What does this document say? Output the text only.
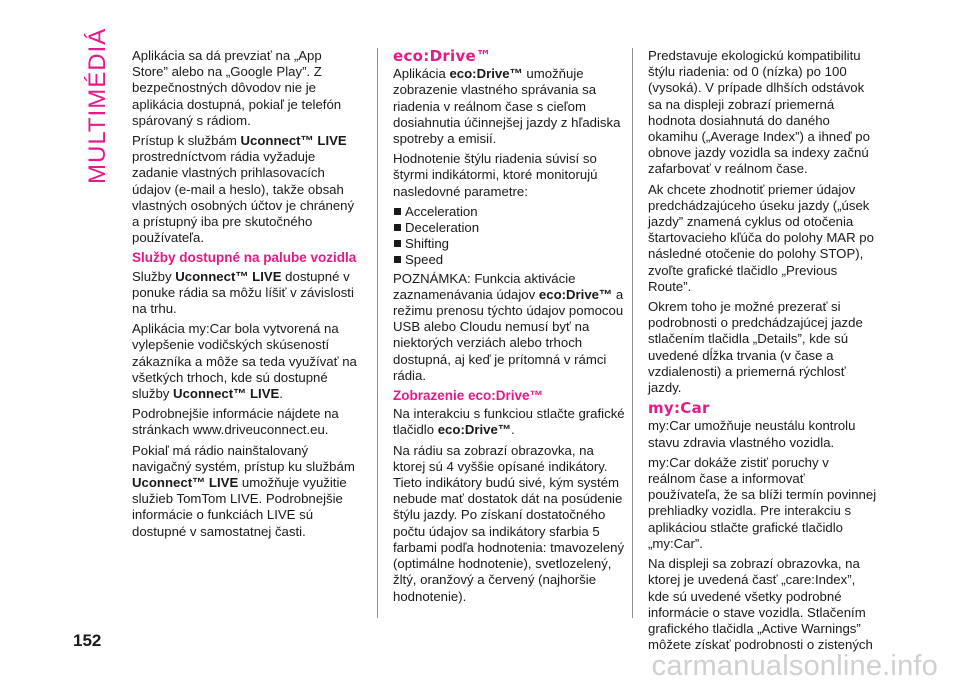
MULTIMÉDIÁ Aplikácia sa dá prevziať na „App Store” alebo na „Google Play”. Z bezpečnostných dôvodov nie je aplikácia dostupná, pokiaľ je telefón spárovaný s rádiom.

Prístup k službám Uconnect™ LIVE prostredníctvom rádia vyžaduje zadanie vlastných prihlasovacích údajov (e-mail a heslo), takže obsah vlastných osobných účtov je chránený a prístupný iba pre skutočného používateľa.

Služby dostupné na palube vozidla

Služby Uconnect™ LIVE dostupné v ponuke rádia sa môžu líšiť v závislosti na trhu.

Aplikácia my:Car bola vytvorená na vylepšenie vodičských skúseností zákazníka a môže sa teda využívať na všetkých trhoch, kde sú dostupné služby Uconnect™ LIVE.

Podrobnejšie informácie nájdete na stránkach www.driveuconnect.eu.

Pokiaľ má rádio nainštalovaný navigačný systém, prístup ku službám Uconnect™ LIVE umožňuje využitie služieb TomTom LIVE. Podrobnejšie informácie o funkciách LIVE sú dostupné v samostatnej časti.

eco:Drive™

Aplikácia eco:Drive™ umožňuje zobrazenie vlastného správania sa riadenia v reálnom čase s cieľom dosiahnutia účinnejšej jazdy z hľadiska spotreby a emisií.

Hodnotenie štýlu riadenia súvisí so štyrmi indikátormi, ktoré monitorujú nasledovné parametre:

Acceleration
Deceleration
Shifting
Speed

POZNÁMKA: Funkcia aktivácie zaznamenávania údajov eco:Drive™ a režimu prenosu týchto údajov pomocou USB alebo Cloudu nemusí byť na niektorých verziách alebo trhoch dostupná, aj keď je prítomná v rámci rádia.

Zobrazenie eco:Drive™

Na interakciu s funkciou stlačte grafické tlačidlo eco:Drive™.

Na rádiu sa zobrazí obrazovka, na ktorej sú 4 vyššie opísané indikátory. Tieto indikátory budú sivé, kým systém nebude mať dostatok dát na posúdenie štýlu jazdy. Po získaní dostatočného počtu údajov sa indikátory sfarbia 5 farbami podľa hodnotenia: tmavozelený (optimálne hodnotenie), svetlozelený, žltý, oranžový a červený (najhoršie hodnotenie).

Predstavuje ekologickú kompatibilitu štýlu riadenia: od 0 (nízka) po 100 (vysoká). V prípade dlhších odstávok sa na displeji zobrazí priemerná hodnota dosiahnutá do daného okamihu („Average Index”) a ihneď po obnove jazdy vozidla sa indexy začnú zafarbovať v reálnom čase.

Ak chcete zhodnotiť priemer údajov predchádzajúceho úseku jazdy („úsek jazdy” znamená cyklus od otočenia štartovacieho kľúča do polohy MAR po následné otočenie do polohy STOP), zvoľte grafické tlačidlo „Previous Route”.

Okrem toho je možné prezerať si podrobnosti o predchádzajúcej jazde stlačením tlačidla „Details”, kde sú uvedené dĺžka trvania (v čase a vzdialenosti) a priemerná rýchlosť jazdy.

my:Car

my:Car umožňuje neustálu kontrolu stavu zdravia vlastného vozidla.

my:Car dokáže zistiť poruchy v reálnom čase a informovať používateľa, že sa blíži termín povinnej prehliadky vozidla. Pre interakciu s aplikáciou stlačte grafické tlačidlo „my:Car”.

Na displeji sa zobrazí obrazovka, na ktorej je uvedená časť „care:Index”, kde sú uvedené všetky podrobné informácie o stave vozidla. Stlačením grafického tlačidla „Active Warnings” môžete získať podrobnosti o zistených

152
carmanualsonline.info
